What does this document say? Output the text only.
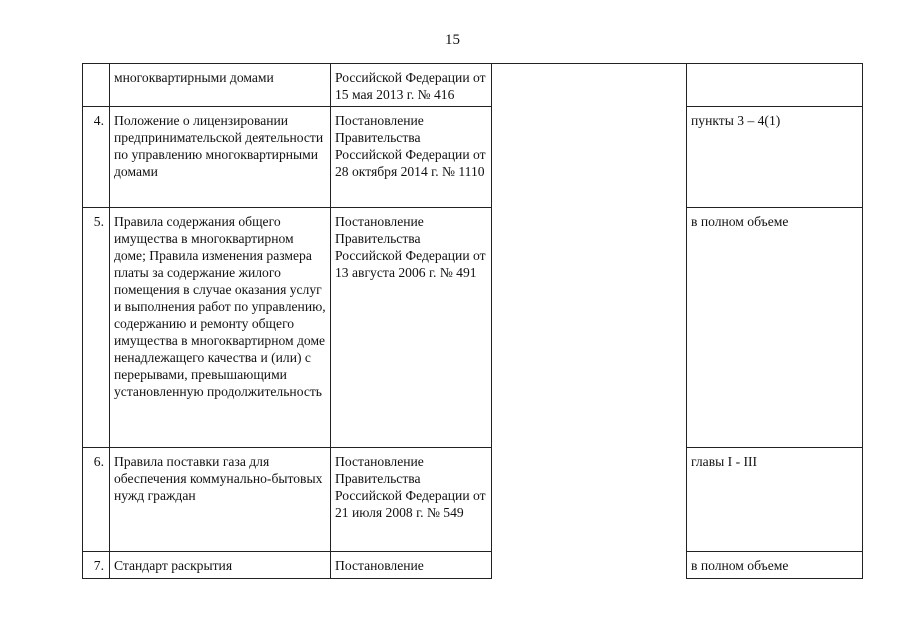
15
	многоквартирными домами	Российской Федерации от 15 мая 2013 г. № 416		
4.	Положение о лицензировании предпринимательской деятельности по управлению многоквартирными домами	Постановление Правительства Российской Федерации от 28 октября 2014 г. № 1110		пункты 3 – 4(1)
5.	Правила содержания общего имущества в многоквартирном доме; Правила изменения размера платы за содержание жилого помещения в случае оказания услуг и выполнения работ по управлению, содержанию и ремонту общего имущества в многоквартирном доме ненадлежащего качества и (или) с перерывами, превышающими установленную продолжительность	Постановление Правительства Российской Федерации от 13 августа 2006 г. № 491		в полном объеме
6.	Правила поставки газа для обеспечения коммунально-бытовых нужд граждан	Постановление Правительства Российской Федерации от 21 июля 2008 г. № 549		главы I - III
7.	Стандарт раскрытия	Постановление		в полном объеме
